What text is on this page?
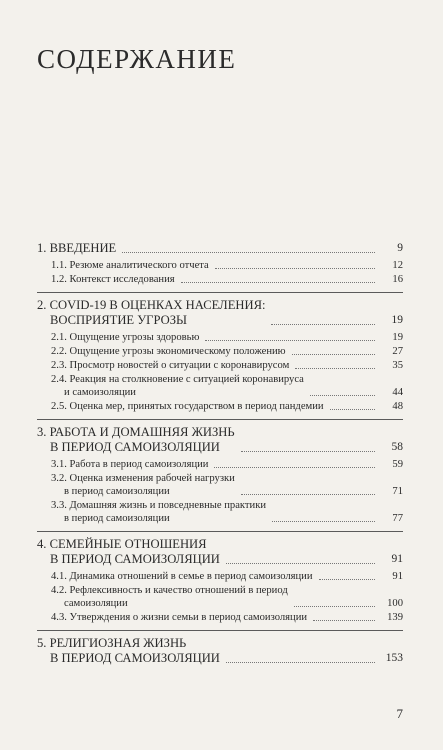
СОДЕРЖАНИЕ
1. ВВЕДЕНИЕ	9
1.1. Резюме аналитического отчета	12
1.2. Контекст исследования	16
2. COVID-19 В ОЦЕНКАХ НАСЕЛЕНИЯ:
ВОСПРИЯТИЕ УГРОЗЫ	19
2.1. Ощущение угрозы здоровью	19
2.2. Ощущение угрозы экономическому положению	27
2.3. Просмотр новостей о ситуации с коронавирусом	35
2.4. Реакция на столкновение с ситуацией коронавируса
и самоизоляции	44
2.5. Оценка мер, принятых государством в период пандемии	48
3. РАБОТА И ДОМАШНЯЯ ЖИЗНЬ
В ПЕРИОД САМОИЗОЛЯЦИИ	58
3.1. Работа в период самоизоляции	59
3.2. Оценка изменения рабочей нагрузки
в период самоизоляции	71
3.3. Домашняя жизнь и повседневные практики
в период самоизоляции	77
4. СЕМЕЙНЫЕ ОТНОШЕНИЯ
В ПЕРИОД САМОИЗОЛЯЦИИ	91
4.1. Динамика отношений в семье в период самоизоляции	91
4.2. Рефлексивность и качество отношений в период
самоизоляции	100
4.3. Утверждения о жизни семьи в период самоизоляции	139
5. РЕЛИГИОЗНАЯ ЖИЗНЬ
В ПЕРИОД САМОИЗОЛЯЦИИ	153
7
